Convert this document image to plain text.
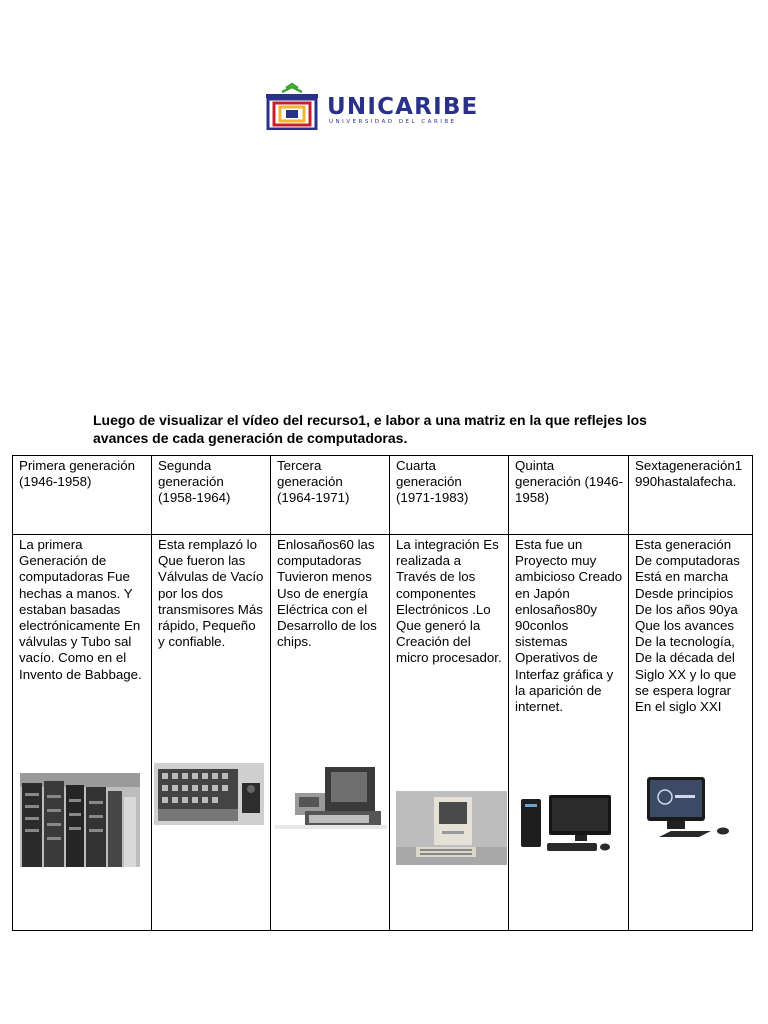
UNICARIBE
UNIVERSIDAD DEL CARIBE
Luego de visualizar el vídeo del recurso1, e labor a una matriz en la que reflejes los avances de cada generación de computadoras.
Primera generación (1946-1958)	Segunda generación (1958-1964)	Tercera generación (1964-1971)	Cuarta generación (1971-1983)	Quinta generación (1946-1958)	Sextageneración1990hastalafecha.

La primera Generación de computadoras Fue hechas a manos. Y estaban basadas electrónicamente En válvulas y Tubo sal vacío. Como en el Invento de Babbage.	Esta remplazó lo Que fueron las Válvulas de Vacío por los dos transmisores Más rápido, Pequeño y confiable.	Enlosaños60 las computadoras Tuvieron menos Uso de energía Eléctrica con el Desarrollo de los chips.	La integración Es realizada a Través de los componentes Electrónicos .Lo Que generó la Creación del micro procesador.	Esta fue un Proyecto muy ambicioso Creado en Japón enlosaños80y 90conlos sistemas Operativos de Interfaz gráfica y la aparición de internet.	Esta generación De computadoras Está en marcha Desde principios De los años 90ya Que los avances De la tecnología, De la década del Siglo XX y lo que se espera lograr En el siglo XXI
